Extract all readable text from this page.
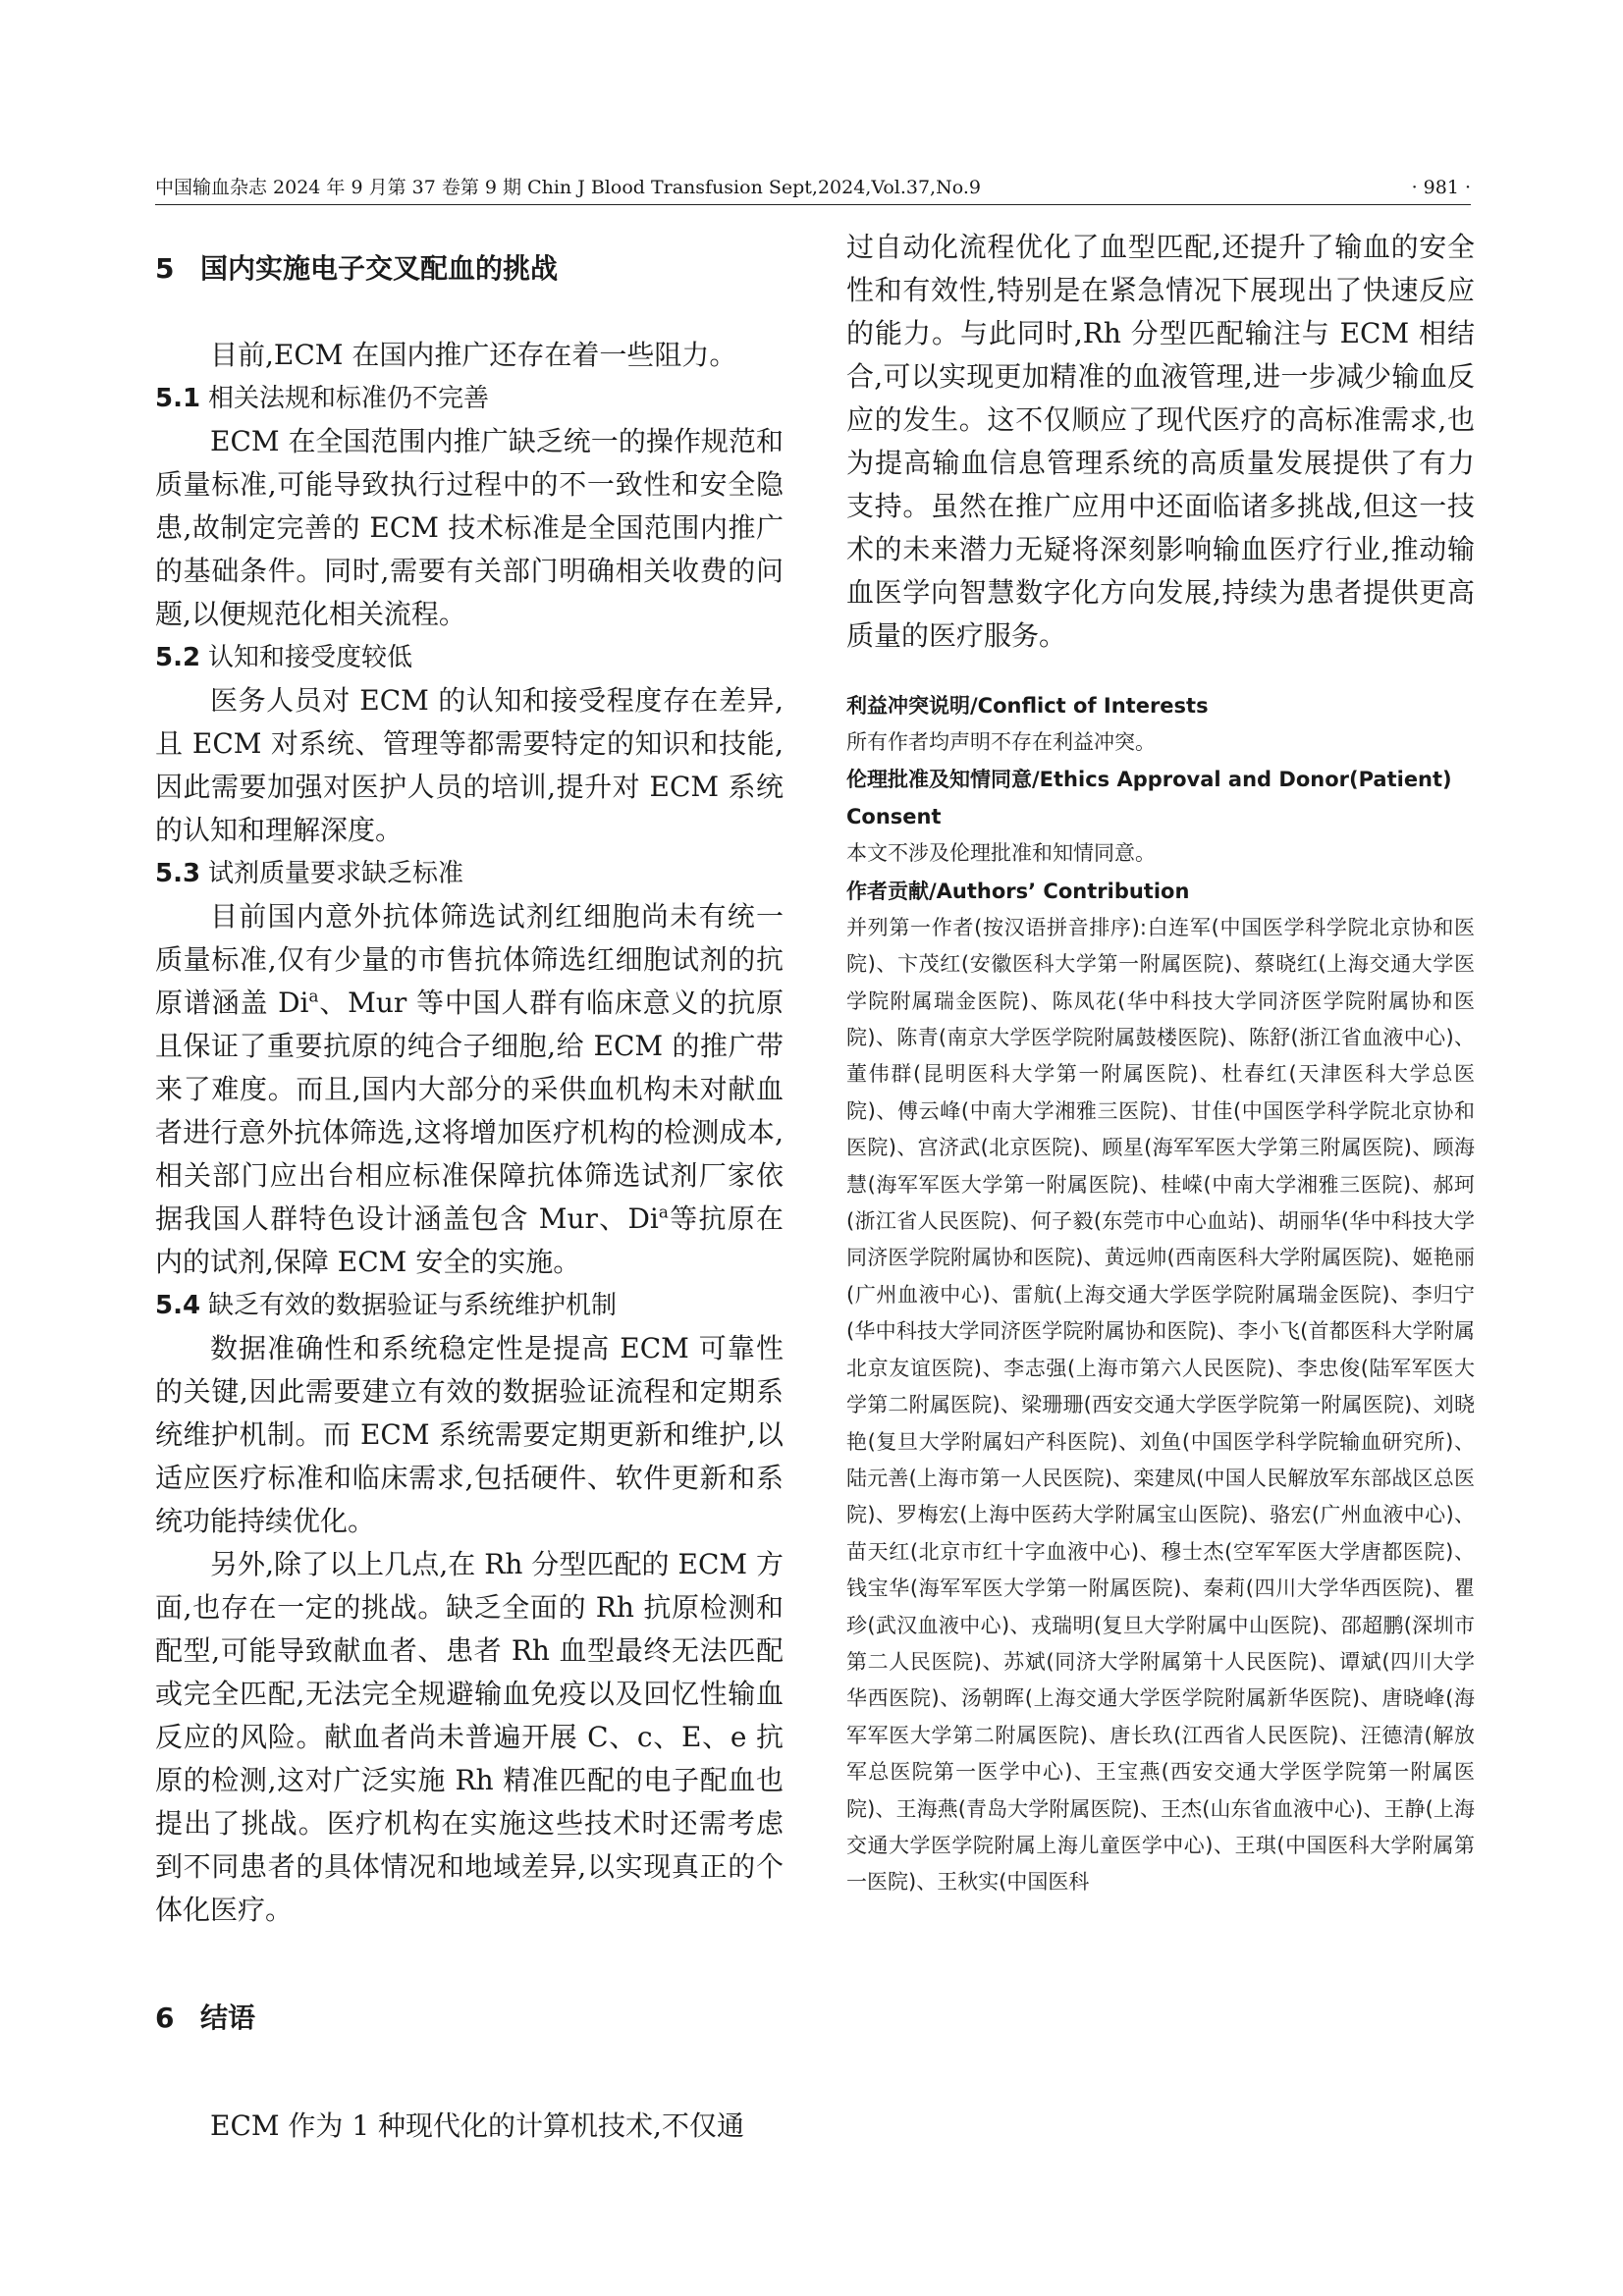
中国输血杂志 2024 年 9 月第 37 卷第 9 期 Chin J Blood Transfusion Sept,2024,Vol.37,No.9	· 981 ·

5 国内实施电子交叉配血的挑战

目前,ECM 在国内推广还存在着一些阻力。

5.1 相关法规和标准仍不完善

ECM 在全国范围内推广缺乏统一的操作规范和质量标准,可能导致执行过程中的不一致性和安全隐患,故制定完善的 ECM 技术标准是全国范围内推广的基础条件。同时,需要有关部门明确相关收费的问题,以便规范化相关流程。

5.2 认知和接受度较低

医务人员对 ECM 的认知和接受程度存在差异,且 ECM 对系统、管理等都需要特定的知识和技能,因此需要加强对医护人员的培训,提升对 ECM 系统的认知和理解深度。

5.3 试剂质量要求缺乏标准

目前国内意外抗体筛选试剂红细胞尚未有统一质量标准,仅有少量的市售抗体筛选红细胞试剂的抗原谱涵盖 Di$^a$、Mur 等中国人群有临床意义的抗原且保证了重要抗原的纯合子细胞,给 ECM 的推广带来了难度。而且,国内大部分的采供血机构未对献血者进行意外抗体筛选,这将增加医疗机构的检测成本,相关部门应出台相应标准保障抗体筛选试剂厂家依据我国人群特色设计涵盖包含 Mur、Di$^a$等抗原在内的试剂,保障 ECM 安全的实施。

5.4 缺乏有效的数据验证与系统维护机制

数据准确性和系统稳定性是提高 ECM 可靠性的关键,因此需要建立有效的数据验证流程和定期系统维护机制。而 ECM 系统需要定期更新和维护,以适应医疗标准和临床需求,包括硬件、软件更新和系统功能持续优化。

另外,除了以上几点,在 Rh 分型匹配的 ECM 方面,也存在一定的挑战。缺乏全面的 Rh 抗原检测和配型,可能导致献血者、患者 Rh 血型最终无法匹配或完全匹配,无法完全规避输血免疫以及回忆性输血反应的风险。献血者尚未普遍开展 C、c、E、e 抗原的检测,这对广泛实施 Rh 精准匹配的电子配血也提出了挑战。医疗机构在实施这些技术时还需考虑到不同患者的具体情况和地域差异,以实现真正的个体化医疗。

6 结语

ECM 作为 1 种现代化的计算机技术,不仅通

过自动化流程优化了血型匹配,还提升了输血的安全性和有效性,特别是在紧急情况下展现出了快速反应的能力。与此同时,Rh 分型匹配输注与 ECM 相结合,可以实现更加精准的血液管理,进一步减少输血反应的发生。这不仅顺应了现代医疗的高标准需求,也为提高输血信息管理系统的高质量发展提供了有力支持。虽然在推广应用中还面临诸多挑战,但这一技术的未来潜力无疑将深刻影响输血医疗行业,推动输血医学向智慧数字化方向发展,持续为患者提供更高质量的医疗服务。

利益冲突说明/Conflict of Interests

所有作者均声明不存在利益冲突。

伦理批准及知情同意/Ethics Approval and Donor(Patient) Consent

本文不涉及伦理批准和知情同意。

作者贡献/Authors’ Contribution

并列第一作者(按汉语拼音排序):白连军(中国医学科学院北京协和医院)、卞茂红(安徽医科大学第一附属医院)、蔡晓红(上海交通大学医学院附属瑞金医院)、陈凤花(华中科技大学同济医学院附属协和医院)、陈青(南京大学医学院附属鼓楼医院)、陈舒(浙江省血液中心)、董伟群(昆明医科大学第一附属医院)、杜春红(天津医科大学总医院)、傅云峰(中南大学湘雅三医院)、甘佳(中国医学科学院北京协和医院)、宫济武(北京医院)、顾星(海军军医大学第三附属医院)、顾海慧(海军军医大学第一附属医院)、桂嵘(中南大学湘雅三医院)、郝珂(浙江省人民医院)、何子毅(东莞市中心血站)、胡丽华(华中科技大学同济医学院附属协和医院)、黄远帅(西南医科大学附属医院)、姬艳丽(广州血液中心)、雷航(上海交通大学医学院附属瑞金医院)、李归宁(华中科技大学同济医学院附属协和医院)、李小飞(首都医科大学附属北京友谊医院)、李志强(上海市第六人民医院)、李忠俊(陆军军医大学第二附属医院)、梁珊珊(西安交通大学医学院第一附属医院)、刘晓艳(复旦大学附属妇产科医院)、刘鱼(中国医学科学院输血研究所)、陆元善(上海市第一人民医院)、栾建凤(中国人民解放军东部战区总医院)、罗梅宏(上海中医药大学附属宝山医院)、骆宏(广州血液中心)、苗天红(北京市红十字血液中心)、穆士杰(空军军医大学唐都医院)、钱宝华(海军军医大学第一附属医院)、秦莉(四川大学华西医院)、瞿珍(武汉血液中心)、戎瑞明(复旦大学附属中山医院)、邵超鹏(深圳市第二人民医院)、苏斌(同济大学附属第十人民医院)、谭斌(四川大学华西医院)、汤朝晖(上海交通大学医学院附属新华医院)、唐晓峰(海军军医大学第二附属医院)、唐长玖(江西省人民医院)、汪德清(解放军总医院第一医学中心)、王宝燕(西安交通大学医学院第一附属医院)、王海燕(青岛大学附属医院)、王杰(山东省血液中心)、王静(上海交通大学医学院附属上海儿童医学中心)、王琪(中国医科大学附属第一医院)、王秋实(中国医科
